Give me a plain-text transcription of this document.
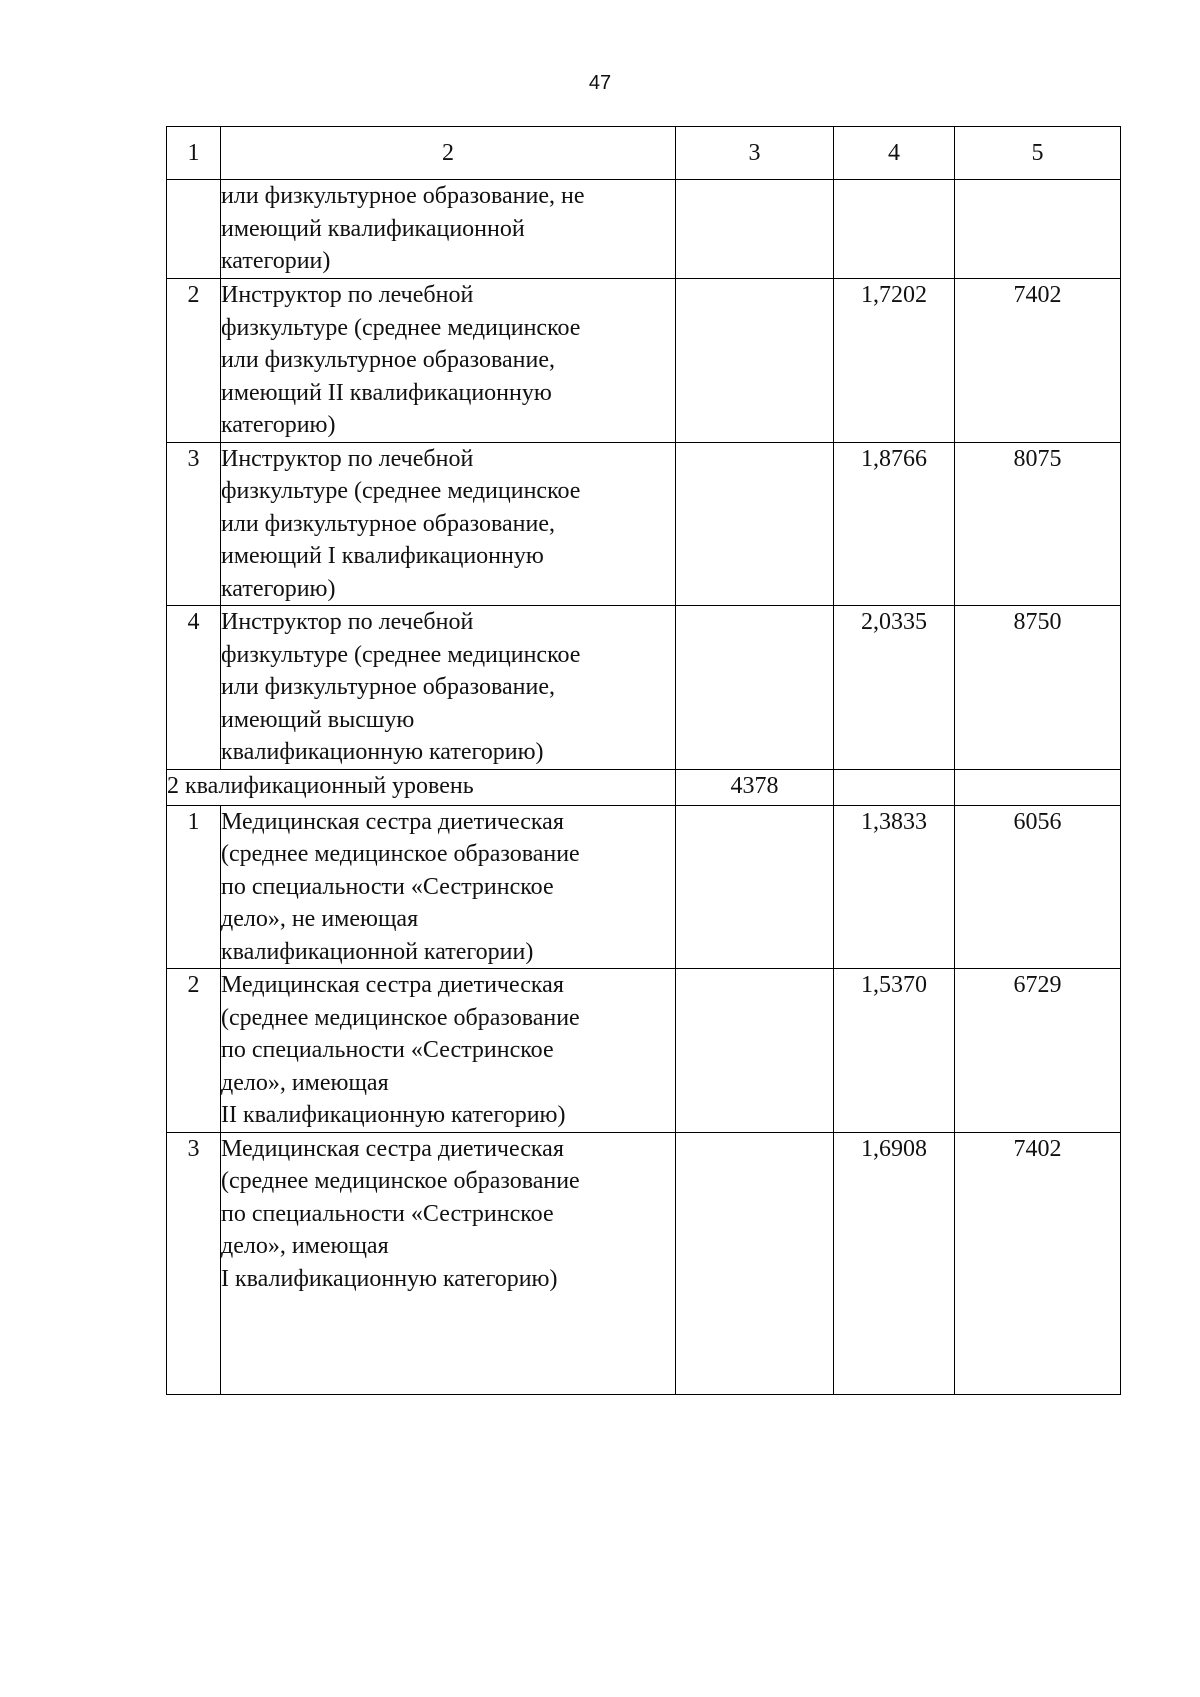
47
1	2	3	4	5

	или физкультурное образование, не
имеющий квалификационной
категории)			

2	Инструктор по лечебной
физкультуре (среднее медицинское
или физкультурное образование,
имеющий II квалификационную
категорию)		1,7202	7402
3	Инструктор по лечебной
физкультуре (среднее медицинское
или физкультурное образование,
имеющий I квалификационную
категорию)		1,8766	8075
4	Инструктор по лечебной
физкультуре (среднее медицинское
или физкультурное образование,
имеющий высшую
квалификационную категорию)		2,0335	8750
2 квалификационный уровень		4378		
1	Медицинская сестра диетическая
(среднее медицинское образование
по специальности «Сестринское
дело», не имеющая
квалификационной категории)		1,3833	6056
2	Медицинская сестра диетическая
(среднее медицинское образование
по специальности «Сестринское
дело», имеющая
II квалификационную категорию)		1,5370	6729
3	Медицинская сестра диетическая
(среднее медицинское образование
по специальности «Сестринское
дело», имеющая
I квалификационную категорию)		1,6908	7402
